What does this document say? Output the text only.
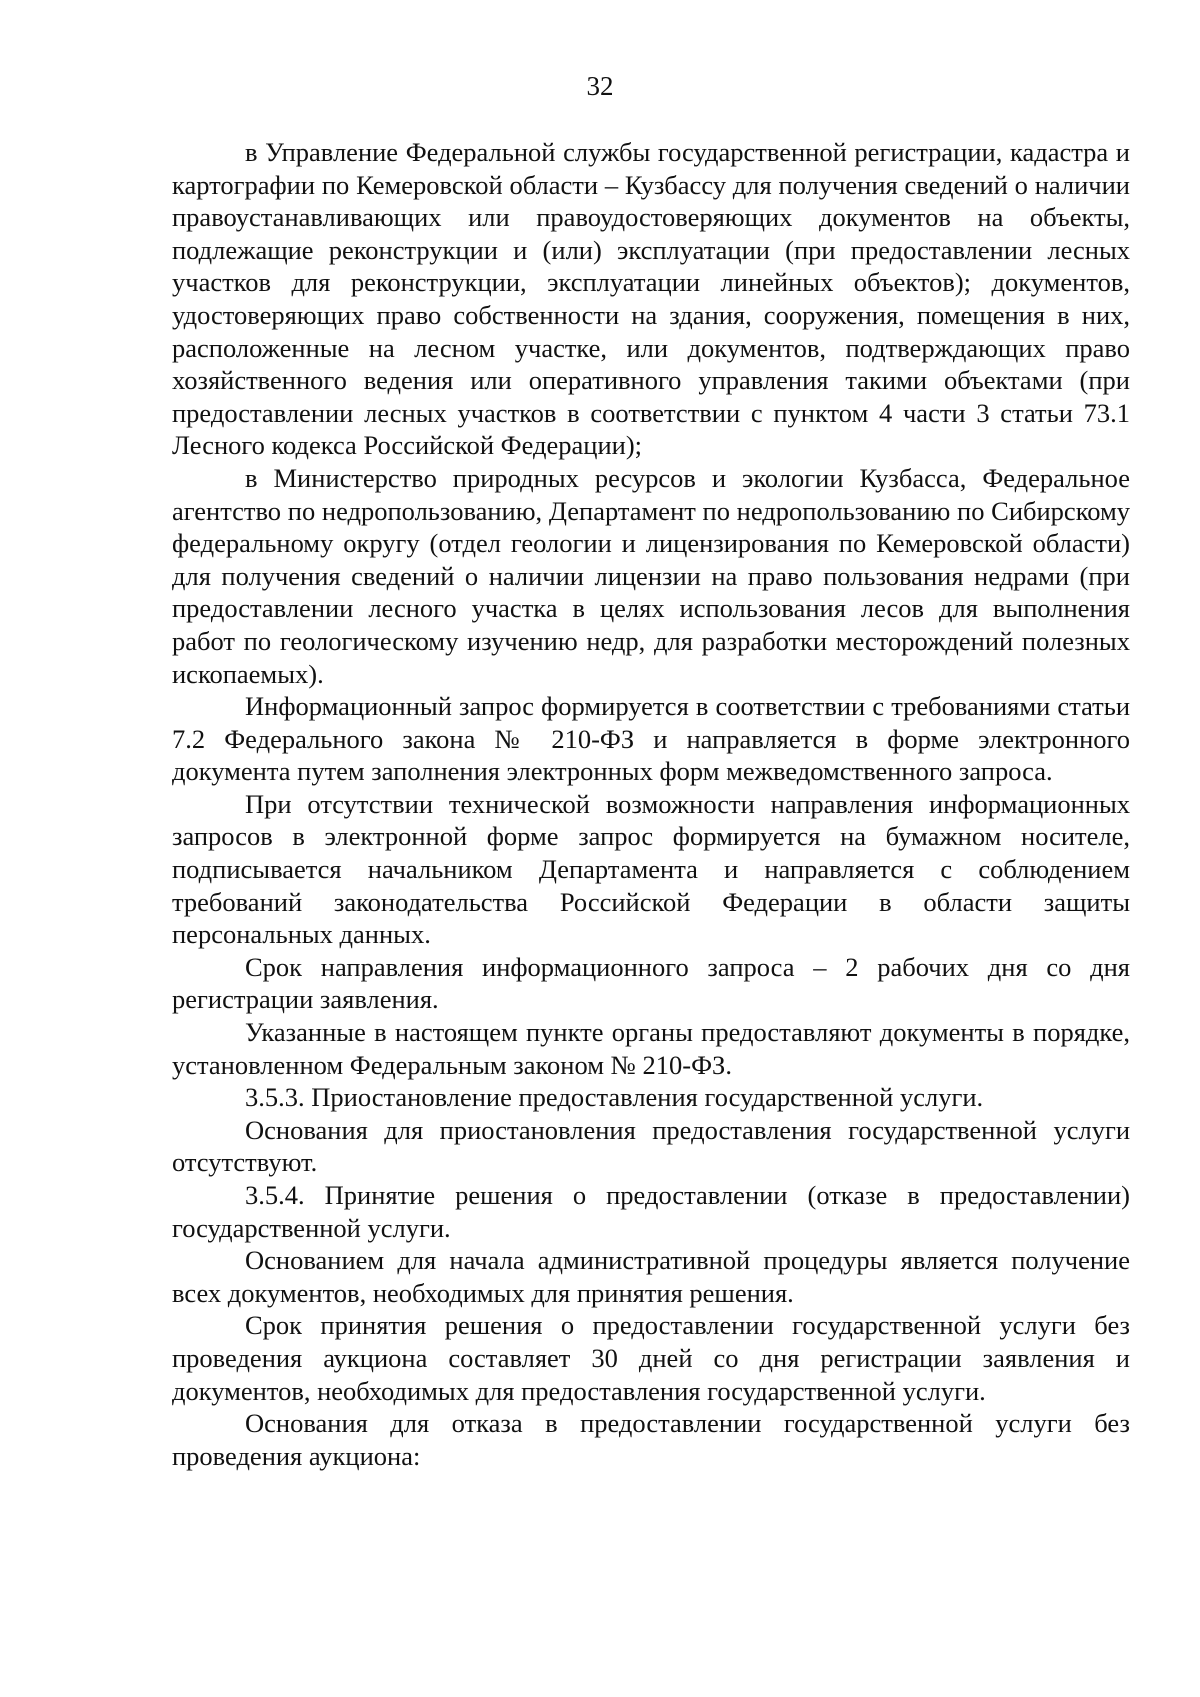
32

в Управление Федеральной службы государственной регистрации, кадастра и картографии по Кемеровской области – Кузбассу для получения сведений о наличии правоустанавливающих или правоудостоверяющих документов на объекты, подлежащие реконструкции и (или) эксплуатации (при предоставлении лесных участков для реконструкции, эксплуатации линейных объектов); документов, удостоверяющих право собственности на здания, сооружения, помещения в них, расположенные на лесном участке, или документов, подтверждающих право хозяйственного ведения или оперативного управления такими объектами (при предоставлении лесных участков в соответствии с пунктом 4 части 3 статьи 73.1 Лесного кодекса Российской Федерации);

в Министерство природных ресурсов и экологии Кузбасса, Федеральное агентство по недропользованию, Департамент по недропользованию по Сибирскому федеральному округу (отдел геологии и лицензирования по Кемеровской области) для получения сведений о наличии лицензии на право пользования недрами (при предоставлении лесного участка в целях использования лесов для выполнения работ по геологическому изучению недр, для разработки месторождений полезных ископаемых).

Информационный запрос формируется в соответствии с требованиями статьи 7.2 Федерального закона № 210-ФЗ и направляется в форме электронного документа путем заполнения электронных форм межведомственного запроса.

При отсутствии технической возможности направления информационных запросов в электронной форме запрос формируется на бумажном носителе, подписывается начальником Департамента и направляется с соблюдением требований законодательства Российской Федерации в области защиты персональных данных.

Срок направления информационного запроса – 2 рабочих дня со дня регистрации заявления.

Указанные в настоящем пункте органы предоставляют документы в порядке, установленном Федеральным законом № 210-ФЗ.

3.5.3. Приостановление предоставления государственной услуги.

Основания для приостановления предоставления государственной услуги отсутствуют.

3.5.4. Принятие решения о предоставлении (отказе в предоставлении) государственной услуги.

Основанием для начала административной процедуры является получение всех документов, необходимых для принятия решения.

Срок принятия решения о предоставлении государственной услуги без проведения аукциона составляет 30 дней со дня регистрации заявления и документов, необходимых для предоставления государственной услуги.

Основания для отказа в предоставлении государственной услуги без проведения аукциона:
